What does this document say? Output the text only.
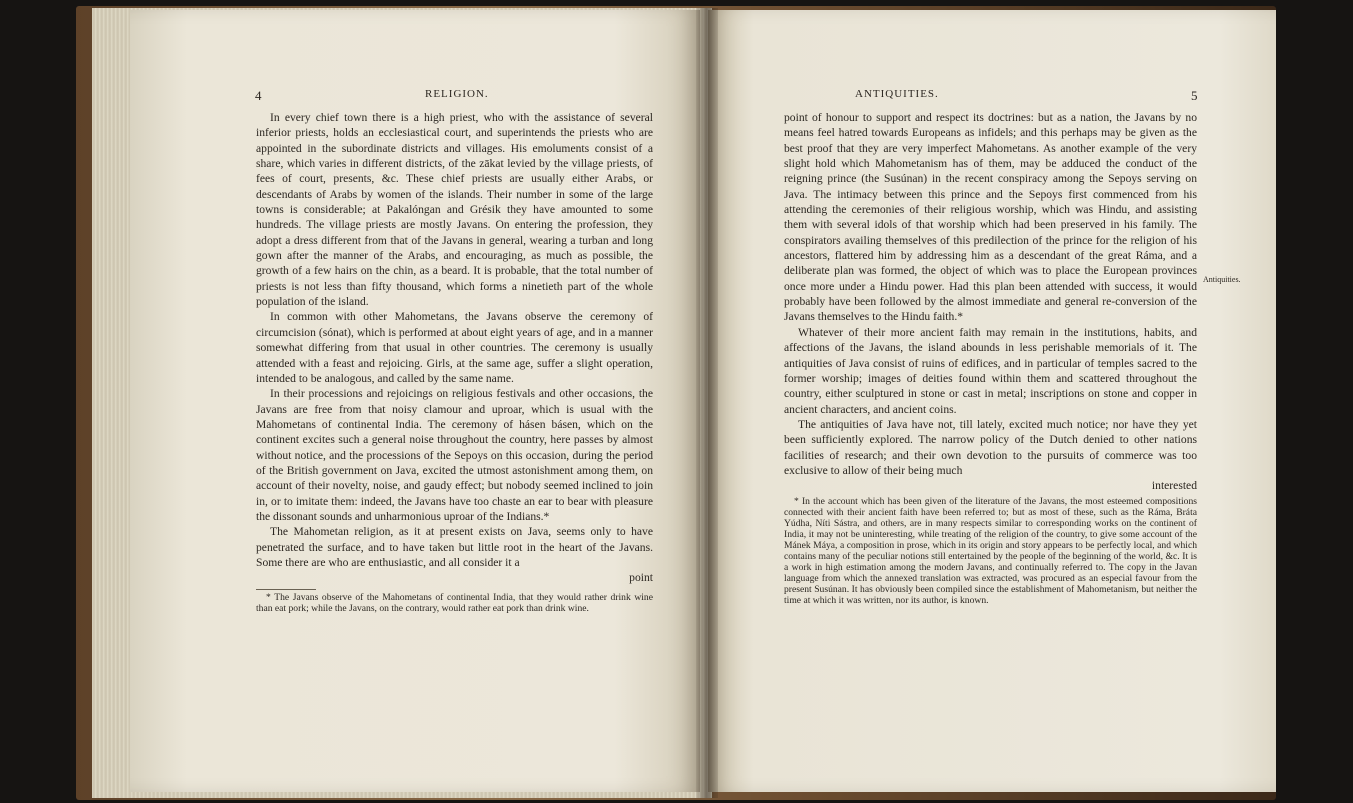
4	RELIGION.

In every chief town there is a high priest, who with the assistance of several inferior priests, holds an ecclesiastical court, and superintends the priests who are appointed in the subordinate districts and villages. His emoluments consist of a share, which varies in different districts, of the zākat levied by the village priests, of fees of court, presents, &c. These chief priests are usually either Arabs, or descendants of Arabs by women of the islands. Their number in some of the large towns is considerable; at Pakalóngan and Grésik they have amounted to some hundreds. The village priests are mostly Javans. On entering the profession, they adopt a dress different from that of the Javans in general, wearing a turban and long gown after the manner of the Arabs, and encouraging, as much as possible, the growth of a few hairs on the chin, as a beard. It is probable, that the total number of priests is not less than fifty thousand, which forms a ninetieth part of the whole population of the island.

In common with other Mahometans, the Javans observe the ceremony of circumcision (sónat), which is performed at about eight years of age, and in a manner somewhat differing from that usual in other countries. The ceremony is usually attended with a feast and rejoicing. Girls, at the same age, suffer a slight operation, intended to be analogous, and called by the same name.

In their processions and rejoicings on religious festivals and other occasions, the Javans are free from that noisy clamour and uproar, which is usual with the Mahometans of continental India. The ceremony of hásen básen, which on the continent excites such a general noise throughout the country, here passes by almost without notice, and the processions of the Sepoys on this occasion, during the period of the British government on Java, excited the utmost astonishment among them, on account of their novelty, noise, and gaudy effect; but nobody seemed inclined to join in, or to imitate them: indeed, the Javans have too chaste an ear to bear with pleasure the dissonant sounds and unharmonious uproar of the Indians.*

The Mahometan religion, as it at present exists on Java, seems only to have penetrated the surface, and to have taken but little root in the heart of the Javans. Some there are who are enthusiastic, and all consider it a

point

* The Javans observe of the Mahometans of continental India, that they would rather drink wine than eat pork; while the Javans, on the contrary, would rather eat pork than drink wine.

ANTIQUITIES.	5

point of honour to support and respect its doctrines: but as a nation, the Javans by no means feel hatred towards Europeans as infidels; and this perhaps may be given as the best proof that they are very imperfect Mahometans. As another example of the very slight hold which Mahometanism has of them, may be adduced the conduct of the reigning prince (the Susúnan) in the recent conspiracy among the Sepoys serving on Java. The intimacy between this prince and the Sepoys first commenced from his attending the ceremonies of their religious worship, which was Hindu, and assisting them with several idols of that worship which had been preserved in his family. The conspirators availing themselves of this predilection of the prince for the religion of his ancestors, flattered him by addressing him as a descendant of the great Ráma, and a deliberate plan was formed, the object of which was to place the European provinces once more under a Hindu power. Had this plan been attended with success, it would probably have been followed by the almost immediate and general re-conversion of the Javans themselves to the Hindu faith.*

Whatever of their more ancient faith may remain in the institutions, habits, and affections of the Javans, the island abounds in less perishable memorials of it. The antiquities of Java consist of ruins of edifices, and in particular of temples sacred to the former worship; images of deities found within them and scattered throughout the country, either sculptured in stone or cast in metal; inscriptions on stone and copper in ancient characters, and ancient coins.

The antiquities of Java have not, till lately, excited much notice; nor have they yet been sufficiently explored. The narrow policy of the Dutch denied to other nations facilities of research; and their own devotion to the pursuits of commerce was too exclusive to allow of their being much

interested

* In the account which has been given of the literature of the Javans, the most esteemed compositions connected with their ancient faith have been referred to; but as most of these, such as the Ráma, Bráta Yúdha, Níti Sástra, and others, are in many respects similar to corresponding works on the continent of India, it may not be uninteresting, while treating of the religion of the country, to give some account of the Mánek Máya, a composition in prose, which in its origin and story appears to be perfectly local, and which contains many of the peculiar notions still entertained by the people of the beginning of the world, &c. It is a work in high estimation among the modern Javans, and continually referred to. The copy in the Javan language from which the annexed translation was extracted, was procured as an especial favour from the present Susúnan. It has obviously been compiled since the establishment of Mahometanism, but neither the time at which it was written, nor its author, is known.

Antiquities.
